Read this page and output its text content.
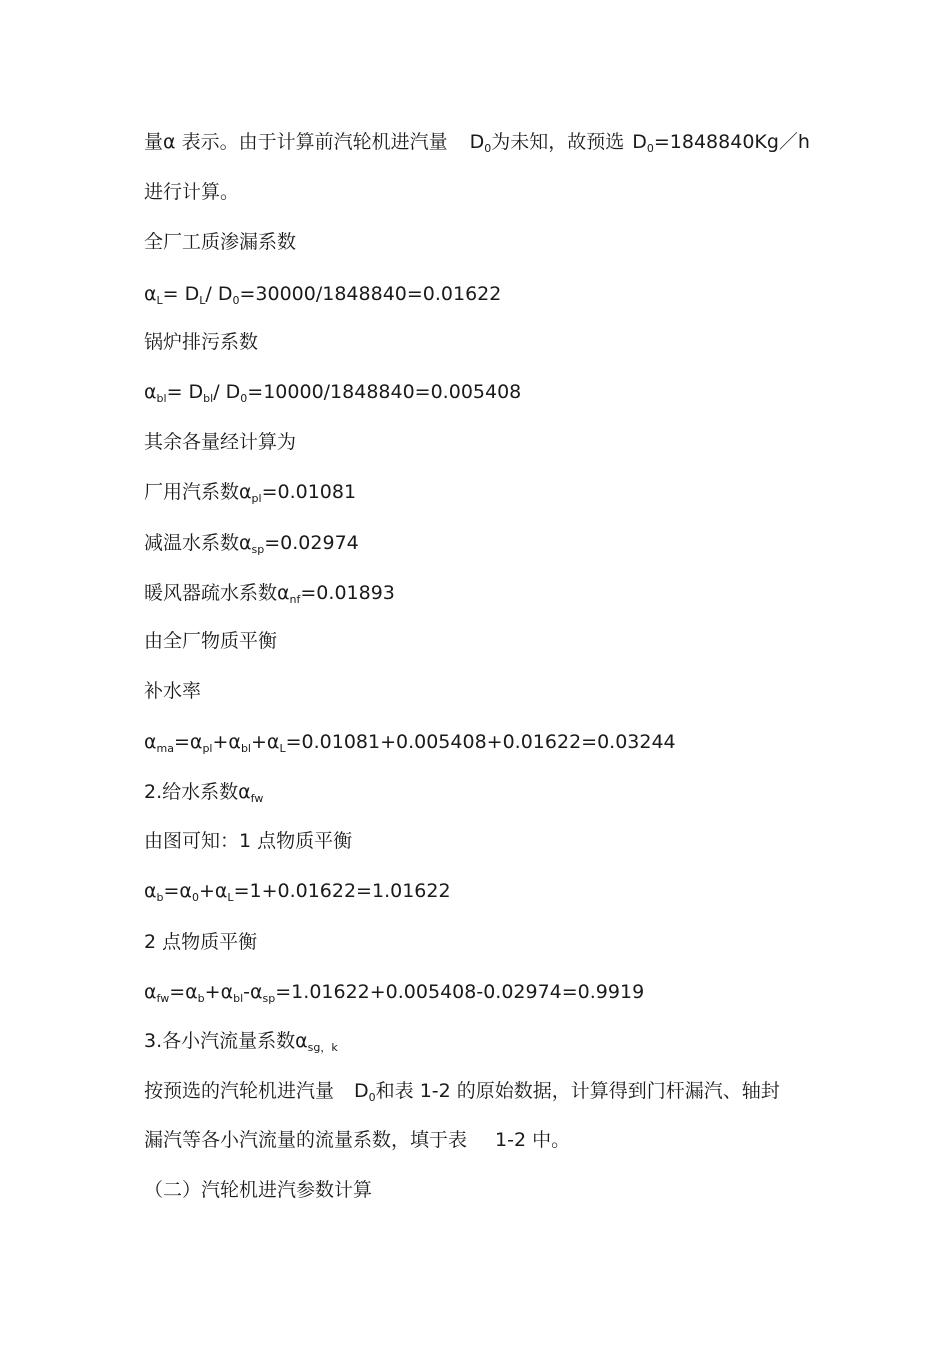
量α 表示。由于计算前汽轮机进汽量 $D_0$为未知，故预选 $D_0=1848840Kg/h$
进行计算。
全厂工质渗漏系数
$\alpha_L= D_L/$ $D_0=30000/1848840=0.01622$
锅炉排污系数
$\alpha_{bl}= D_{bl}/$ $D_0=10000/1848840=0.005408$
其余各量经计算为
厂用汽系数$\alpha_{pl}=0.01081$
减温水系数$\alpha_{sp}=0.02974$
暖风器疏水系数$\alpha_{nf}=0.01893$
由全厂物质平衡
补水率
$\alpha_{ma}=\alpha_{pl}+\alpha_{bl}+\alpha_L=0.01081+0.005408+0.01622=0.03244$
2.给水系数$\alpha_{fw}$
由图可知：1 点物质平衡
$\alpha_b=\alpha_0+\alpha_L=1+0.01622=1.01622$
2 点物质平衡
$\alpha_{fw}=\alpha_b+\alpha_{bl}-\alpha_{sp}=1.01622+0.005408-0.02974=0.9919$
3.各小汽流量系数$\alpha_{sg,k}$
按预选的汽轮机进汽量 $D_0$和表 1-2 的原始数据，计算得到门杆漏汽、轴封
漏汽等各小汽流量的流量系数，填于表 1-2 中。
（二）汽轮机进汽参数计算
